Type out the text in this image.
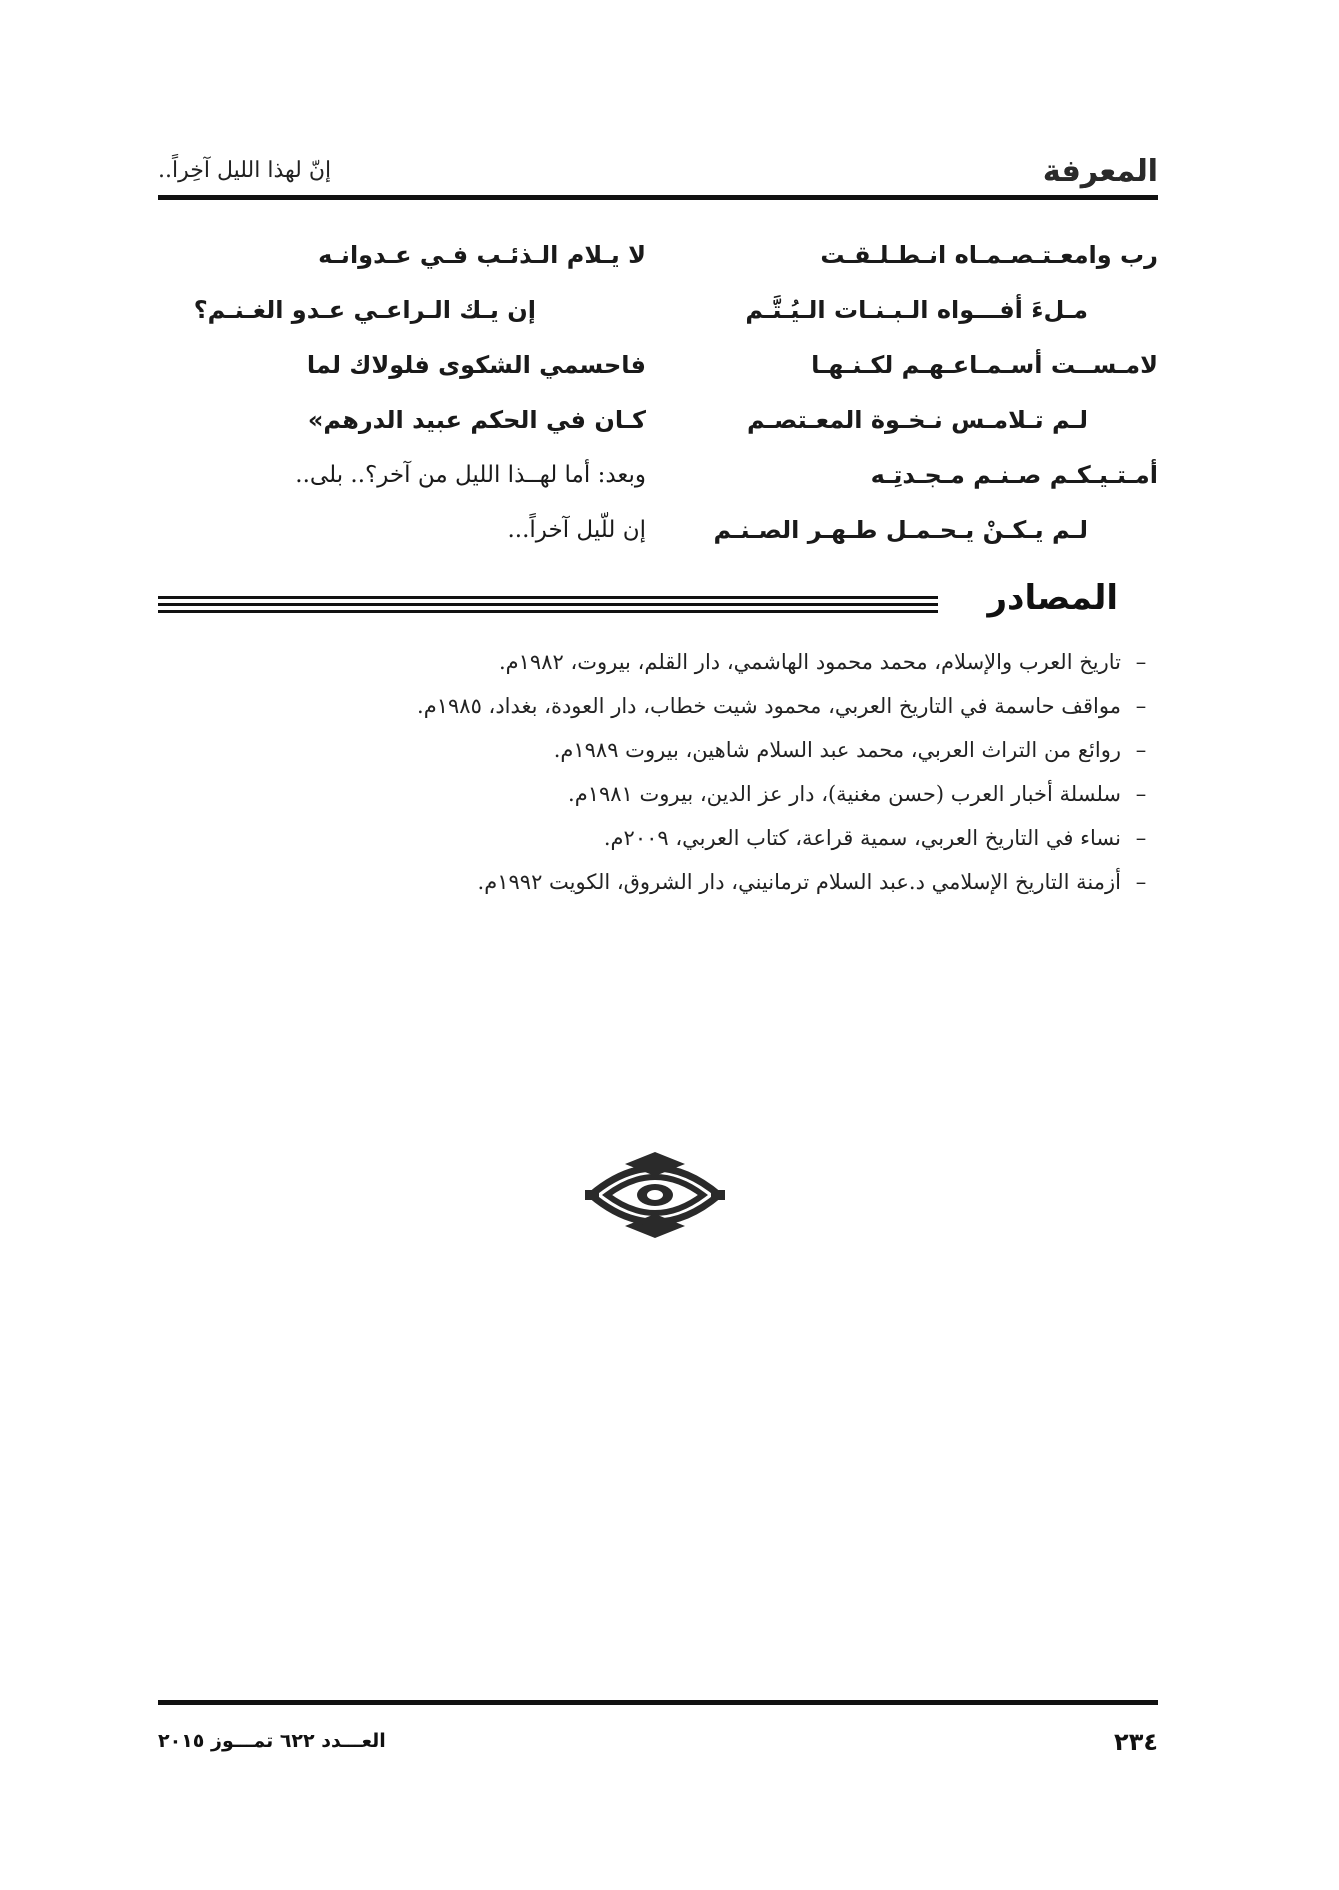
المعرفة
إنّ لهذا الليل آخِراً..
رب وامعـتـصـمـاه انـطـلـقـت
مـلءَ أفـــواه الـبـنـات الـيُـتَّـم
لامـســت أسـمـاعـهـم لكـنـهـا
لـم تـلامـس نـخـوة المعـتصـم
أمـتـيـكـم صـنـم مـجـدتِـه
لـم يـكـنْ يـحـمـل طـهـر الصـنـم
لا يـلام الـذئـب فـي عـدوانـه
إن يـك الـراعـي عـدو الغـنـم؟
فاحسمي الشكوى فلولاك لما
كـان في الحكم عبيد الدرهم»
وبعد: أما لهــذا الليل من آخر؟.. بلى..
إن للّيل آخراً...
المصادر
–تاريخ العرب والإسلام، محمد محمود الهاشمي، دار القلم، بيروت، ١٩٨٢م.
–مواقف حاسمة في التاريخ العربي، محمود شيت خطاب، دار العودة، بغداد، ١٩٨٥م.
–روائع من التراث العربي، محمد عبد السلام شاهين، بيروت ١٩٨٩م.
–سلسلة أخبار العرب (حسن مغنية)، دار عز الدين، بيروت ١٩٨١م.
–نساء في التاريخ العربي، سمية قراعة، كتاب العربي، ٢٠٠٩م.
–أزمنة التاريخ الإسلامي د.عبد السلام ترمانيني، دار الشروق، الكويت ١٩٩٢م.
٢٣٤
العـــدد ٦٢٢ تمـــوز ٢٠١٥
